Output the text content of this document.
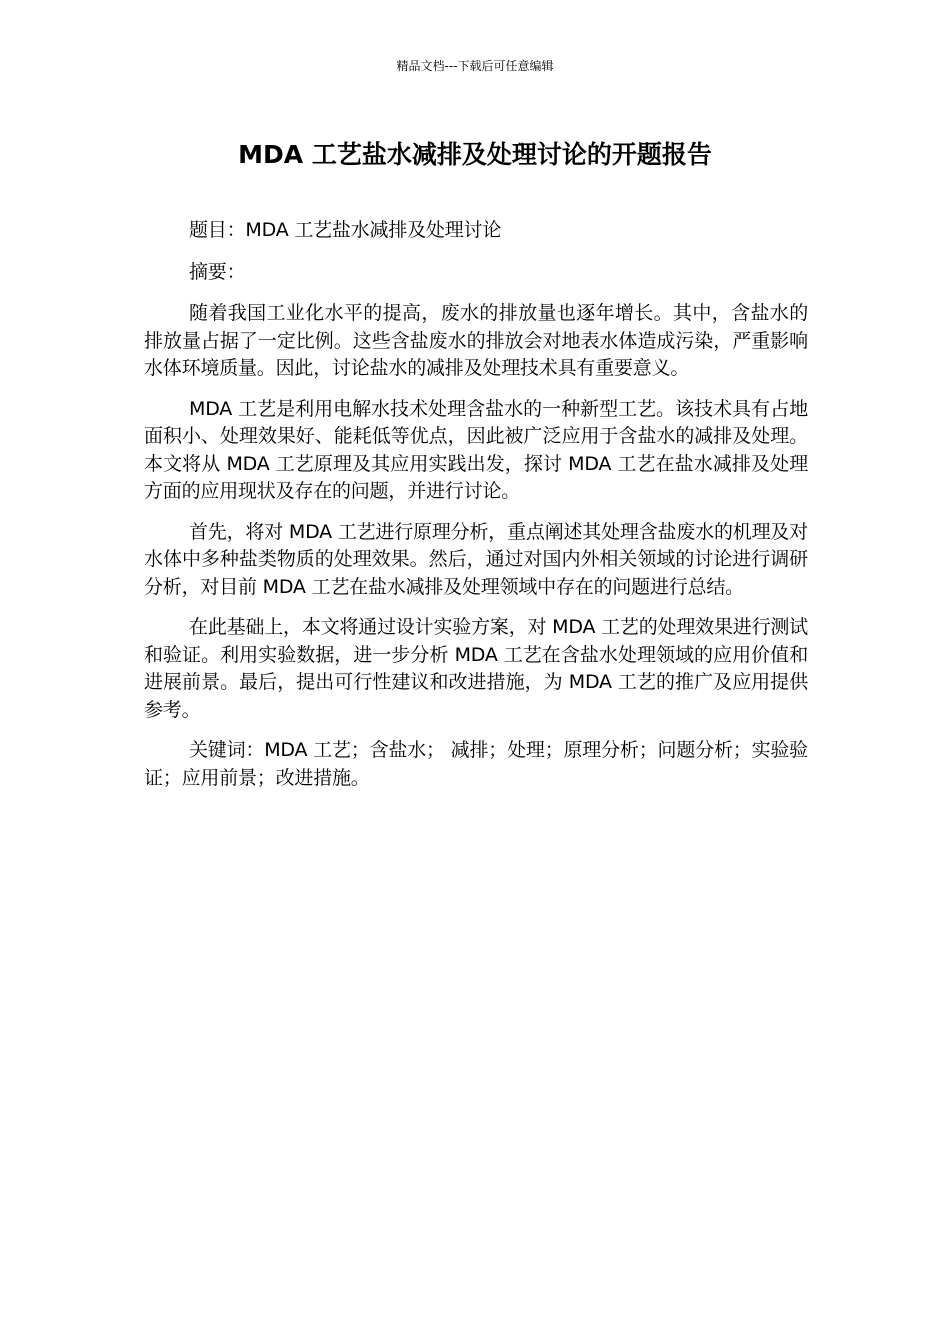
精品文档---下载后可任意编辑
MDA 工艺盐水减排及处理讨论的开题报告

题目：MDA 工艺盐水减排及处理讨论

摘要：

随着我国工业化水平的提高，废水的排放量也逐年增长。其中，含盐水的排放量占据了一定比例。这些含盐废水的排放会对地表水体造成污染，严重影响水体环境质量。因此，讨论盐水的减排及处理技术具有重要意义。

MDA 工艺是利用电解水技术处理含盐水的一种新型工艺。该技术具有占地面积小、处理效果好、能耗低等优点，因此被广泛应用于含盐水的减排及处理。本文将从 MDA 工艺原理及其应用实践出发，探讨 MDA 工艺在盐水减排及处理方面的应用现状及存在的问题，并进行讨论。

首先，将对 MDA 工艺进行原理分析，重点阐述其处理含盐废水的机理及对水体中多种盐类物质的处理效果。然后，通过对国内外相关领域的讨论进行调研分析，对目前 MDA 工艺在盐水减排及处理领域中存在的问题进行总结。

在此基础上，本文将通过设计实验方案，对 MDA 工艺的处理效果进行测试和验证。利用实验数据，进一步分析 MDA 工艺在含盐水处理领域的应用价值和进展前景。最后，提出可行性建议和改进措施，为 MDA 工艺的推广及应用提供参考。

关键词：MDA 工艺；含盐水； 减排；处理；原理分析；问题分析；实验验证；应用前景；改进措施。
